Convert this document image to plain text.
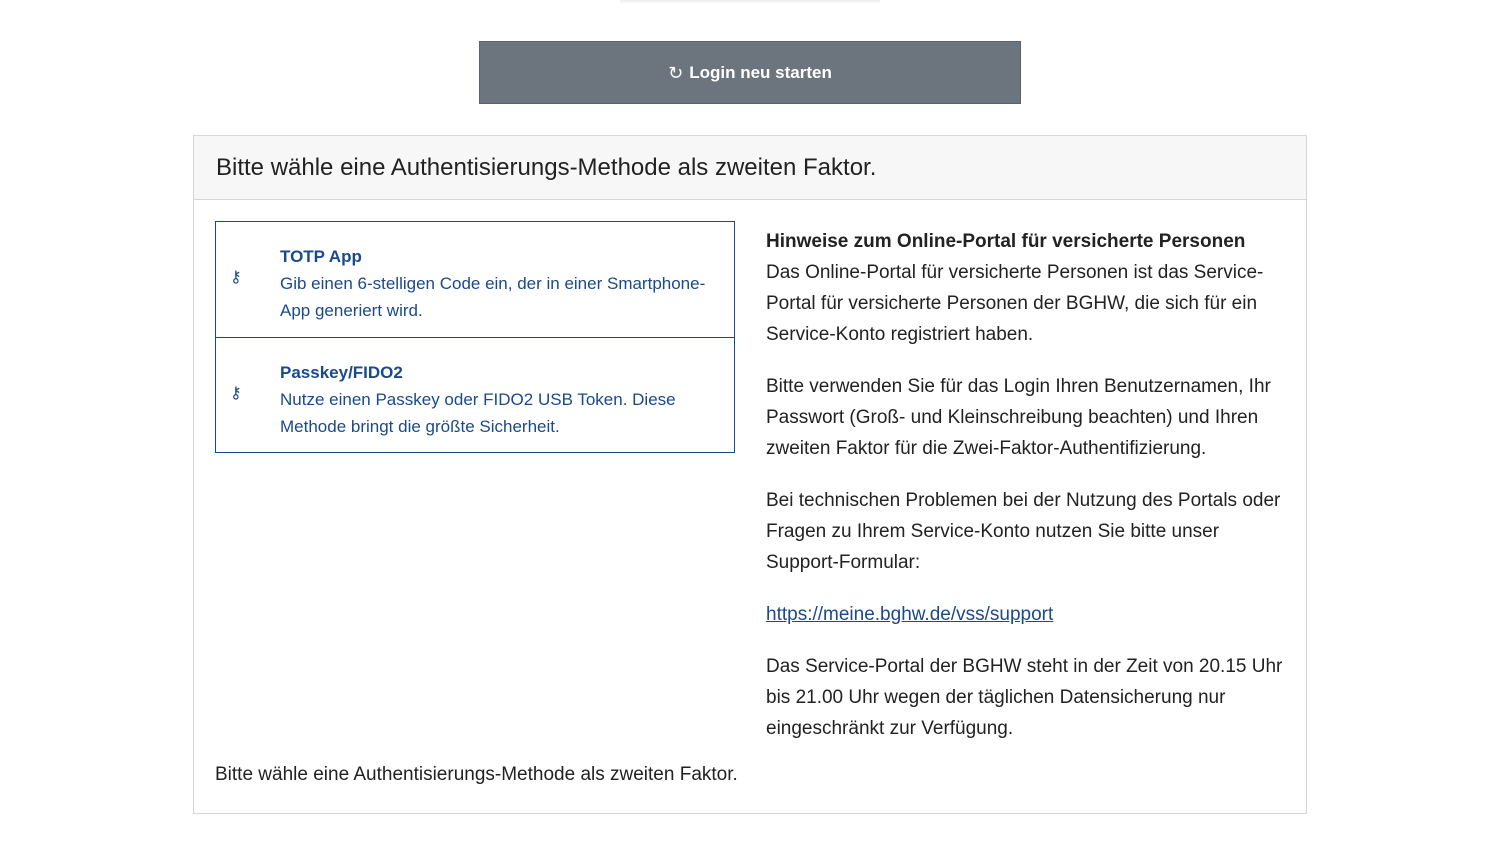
↻ Login neu starten
Bitte wähle eine Authentisierungs-Methode als zweiten Faktor.
⚷
TOTP App
Gib einen 6-stelligen Code ein, der in einer Smartphone-App generiert wird.
⚷
Passkey/FIDO2
Nutze einen Passkey oder FIDO2 USB Token. Diese Methode bringt die größte Sicherheit.

Hinweise zum Online-Portal für versicherte Personen
Das Online-Portal für versicherte Personen ist das Service-Portal für versicherte Personen der BGHW, die sich für ein Service-Konto registriert haben.

Bitte verwenden Sie für das Login Ihren Benutzernamen, Ihr Passwort (Groß- und Kleinschreibung beachten) und Ihren zweiten Faktor für die Zwei-Faktor-Authentifizierung.

Bei technischen Problemen bei der Nutzung des Portals oder Fragen zu Ihrem Service-Konto nutzen Sie bitte unser Support-Formular:

https://meine.bghw.de/vss/support

Das Service-Portal der BGHW steht in der Zeit von 20.15 Uhr bis 21.00 Uhr wegen der täglichen Datensicherung nur eingeschränkt zur Verfügung.

Bitte wähle eine Authentisierungs-Methode als zweiten Faktor.
